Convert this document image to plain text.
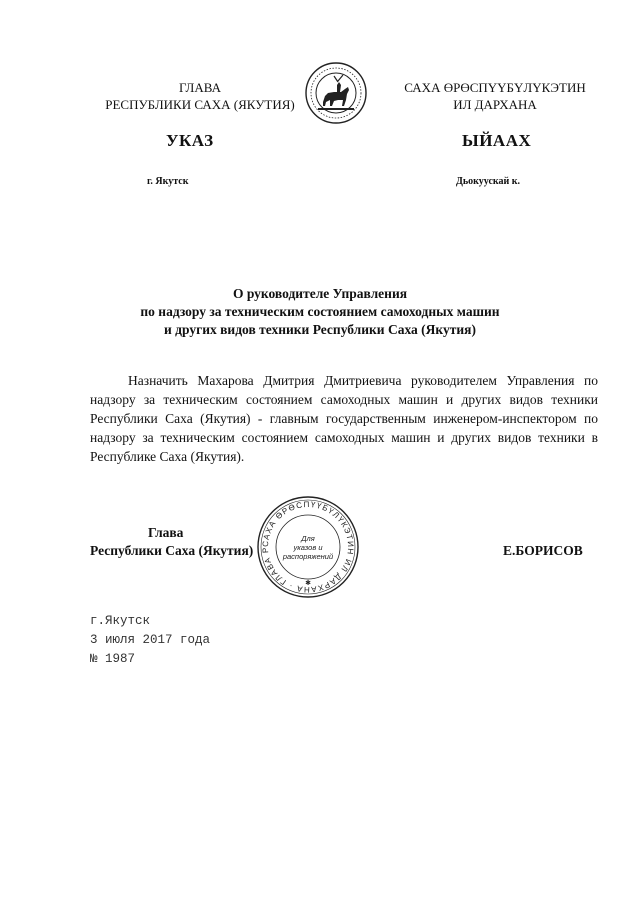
ГЛАВА
РЕСПУБЛИКИ САХА (ЯКУТИЯ)
САХА ӨРӨСПҮҮБҮЛҮКЭТИН
ИЛ ДАРХАНА
УКАЗ	ЫЙААХ
г. Якутск	Дьокуускай к.
О руководителе Управления
по надзору за техническим состоянием самоходных машин
и других видов техники Республики Саха (Якутия)

Назначить Махарова Дмитрия Дмитриевича руководителем Управления по надзору за техническим состоянием самоходных машин и других видов техники Республики Саха (Якутия) - главным государственным инженером-инспектором по надзору за техническим состоянием самоходных машин и других видов техники в Республике Саха (Якутия).

Глава
Республики Саха (Якутия)	Е.БОРИСОВ
САХА ӨРӨСПҮҮБҮЛҮКЭТИН ИЛ ДАРХАНА · ГЛАВА Р
Для
указов и
распоряжений
✱
г.Якутск
3 июля 2017 года
№ 1987
